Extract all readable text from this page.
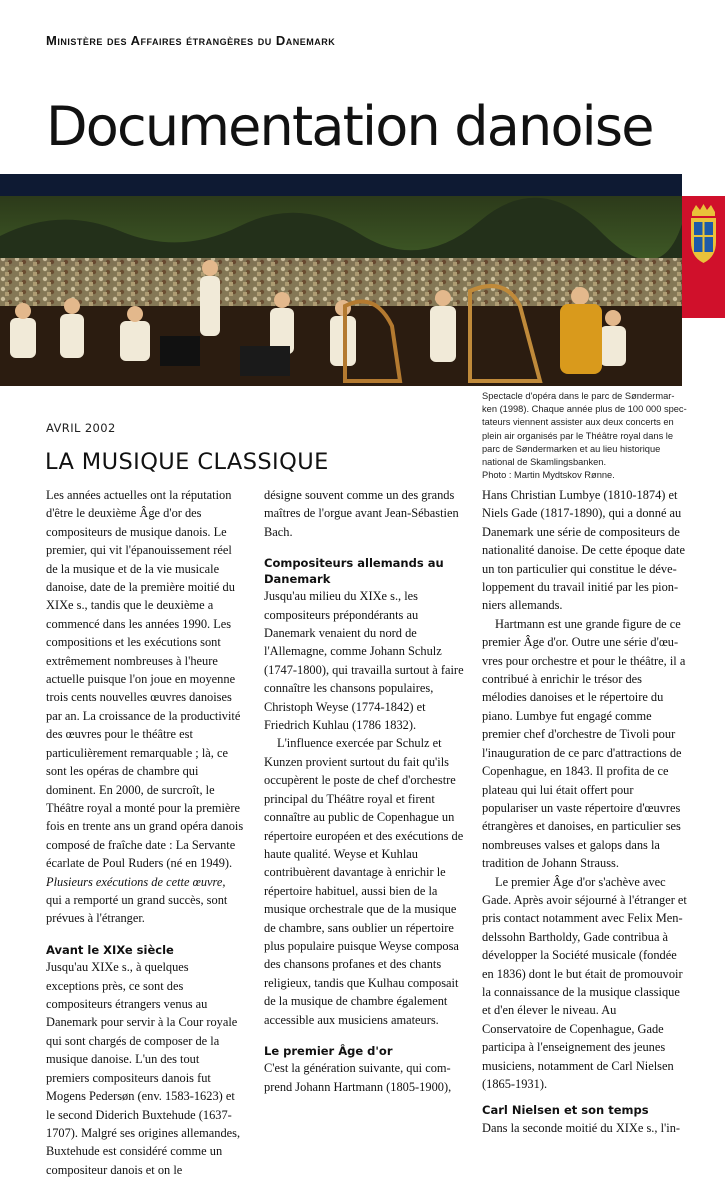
Ministère des Affaires étrangères du Danemark
Documentation danoise

Spectacle d'opéra dans le parc de Søndermar-

ken (1998). Chaque année plus de 100 000 spec-

tateurs viennent assister aux deux concerts en

plein air organisés par le Théâtre royal dans le

parc de Søndermarken et au lieu historique

national de Skamlingsbanken.

Photo : Martin Mydtskov Rønne.

AVRIL 2002
LA MUSIQUE CLASSIQUE

Les années actuelles ont la réputation d'être le deuxième Âge d'or des compositeurs de musique danois. Le premier, qui vit l'épanouissement réel de la musique et de la vie musicale danoise, date de la première moitié du XIXe s., tandis que le deuxième a commencé dans les années 1990. Les compositions et les exécutions sont extrêmement nombreuses à l'heure actuelle puisque l'on joue en moyenne trois cents nouvelles œuvres danoises par an. La croissance de la productivité des œuvres pour le théâtre est particulièrement remarquable ; là, ce sont les opéras de chambre qui dominent. En 2000, de surcroît, le Théâtre royal a monté pour la première fois en trente ans un grand opéra danois composé de fraîche date : La Servante écarlate de Poul Ruders (né en 1949). Plusieurs exécutions de cette œuvre, qui a remporté un grand succès, sont prévues à l'étranger.

Avant le XIXe siècle

Jusqu'au XIXe s., à quelques exceptions près, ce sont des compositeurs étrangers venus au Danemark pour servir à la Cour royale qui sont chargés de composer de la musique danoise. L'un des tout premiers compositeurs danois fut Mogens Pedersøn (env. 1583-1623) et le second Diderich Buxtehude (1637-1707). Malgré ses origines allemandes, Buxtehude est considéré comme un compositeur danois et on le

désigne souvent comme un des grands maîtres de l'orgue avant Jean-Sébastien Bach.

Compositeurs allemands au Danemark

Jusqu'au milieu du XIXe s., les compositeurs prépondérants au Danemark venaient du nord de l'Allemagne, comme Johann Schulz (1747-1800), qui travailla surtout à faire connaître les chansons populaires, Christoph Weyse (1774-1842) et Friedrich Kuhlau (1786 1832).

L'influence exercée par Schulz et Kunzen provient surtout du fait qu'ils occupèrent le poste de chef d'orchestre principal du Théâtre royal et firent connaître au public de Copenhague un répertoire européen et des exécutions de haute qualité. Weyse et Kuhlau contribuèrent davantage à enrichir le répertoire habituel, aussi bien de la musique orchestrale que de la musique de chambre, sans oublier un répertoire plus populaire puisque Weyse composa des chansons profanes et des chants religieux, tandis que Kulhau composait de la musique de chambre également accessible aux musiciens amateurs.

Le premier Âge d'or

C'est la génération suivante, qui comprend Johann Hartmann (1805-1900),

Hans Christian Lumbye (1810-1874) et Niels Gade (1817-1890), qui a donné au Danemark une série de compositeurs de nationalité danoise. De cette époque date un ton particulier qui constitue le développement du travail initié par les pionniers allemands.

Hartmann est une grande figure de ce premier Âge d'or. Outre une série d'œuvres pour orchestre et pour le théâtre, il a contribué à enrichir le trésor des mélodies danoises et le répertoire du piano. Lumbye fut engagé comme premier chef d'orchestre de Tivoli pour l'inauguration de ce parc d'attractions de Copenhague, en 1843. Il profita de ce plateau qui lui était offert pour populariser un vaste répertoire d'œuvres étrangères et danoises, en particulier ses nombreuses valses et galops dans la tradition de Johann Strauss.

Le premier Âge d'or s'achève avec Gade. Après avoir séjourné à l'étranger et pris contact notamment avec Felix Mendelssohn Bartholdy, Gade contribua à développer la Société musicale (fondée en 1836) dont le but était de promouvoir la connaissance de la musique classique et d'en élever le niveau. Au Conservatoire de Copenhague, Gade participa à l'enseignement des jeunes musiciens, notamment de Carl Nielsen (1865-1931).

Carl Nielsen et son temps

Dans la seconde moitié du XIXe s., l'in-
